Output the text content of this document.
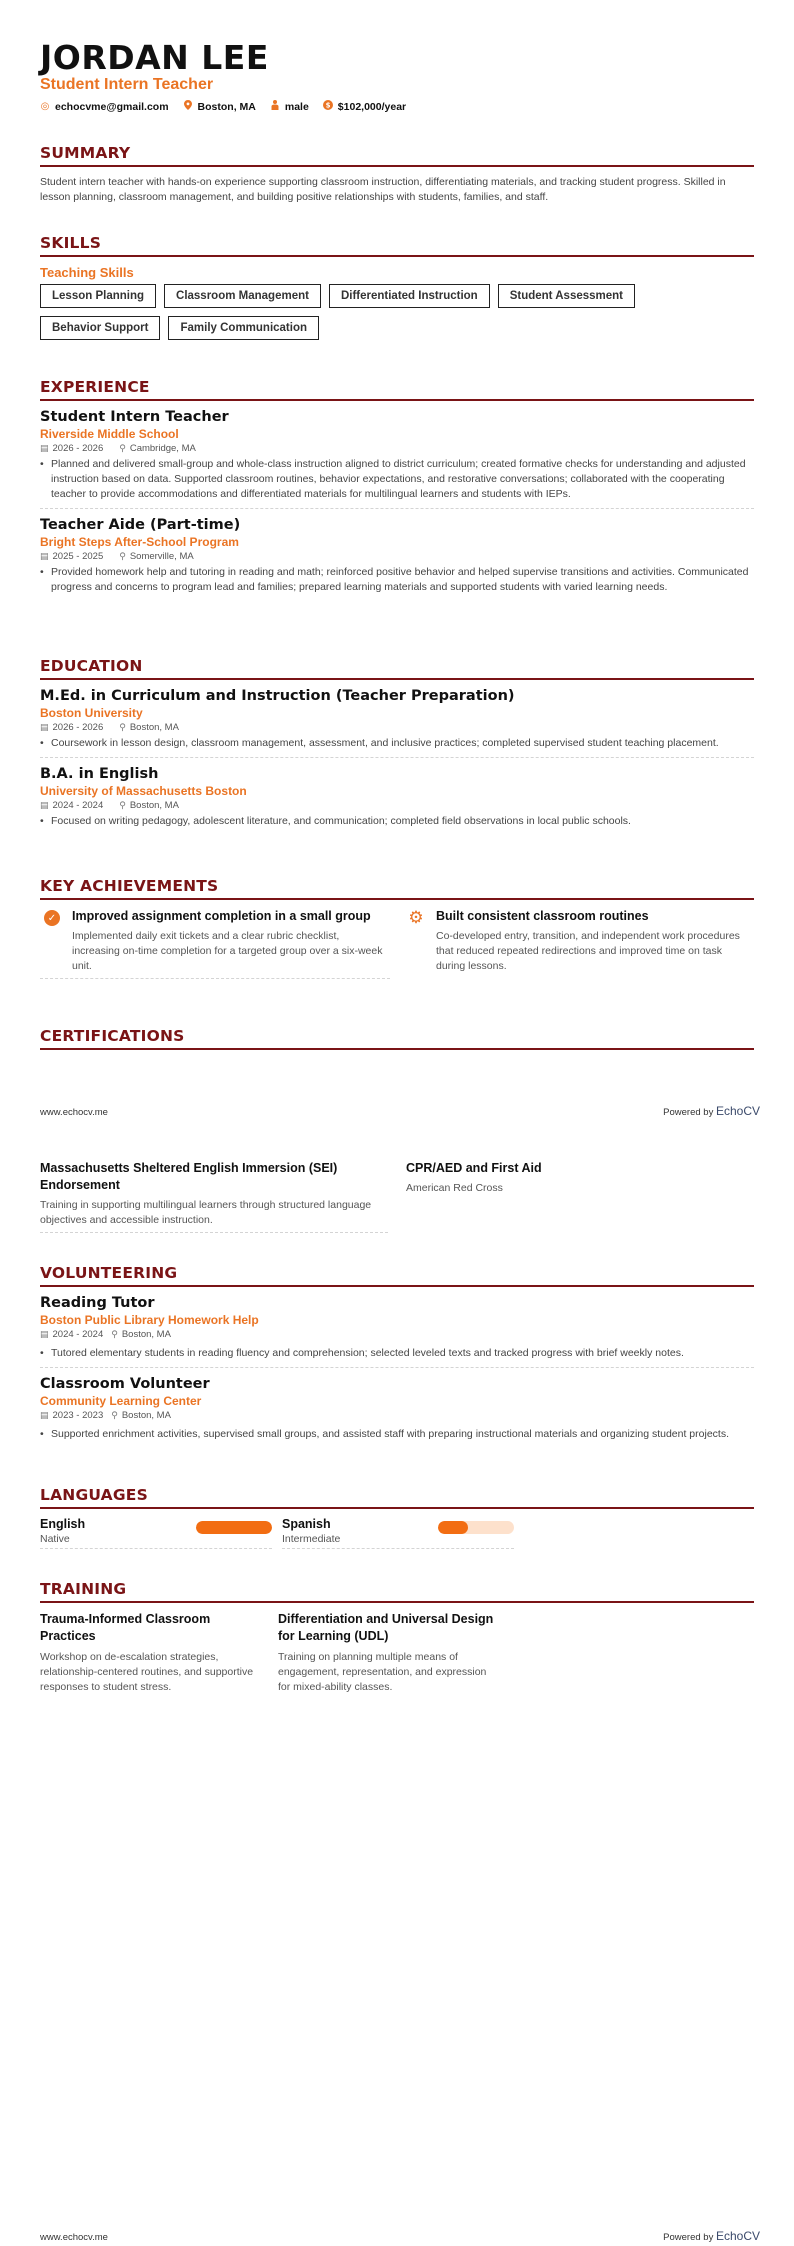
JORDAN LEE
Student Intern Teacher
◎ echocvme@gmail.com	Boston, MA	male $ $102,000/year
SUMMARY

Student intern teacher with hands-on experience supporting classroom instruction, differentiating materials, and tracking student progress. Skilled in lesson planning, classroom management, and building positive relationships with students, families, and staff.

SKILLS
Teaching Skills
Lesson Planning	Classroom Management	Differentiated Instruction	Student Assessment
Behavior Support	Family Communication
EXPERIENCE
Student Intern Teacher
Riverside Middle School
▤ 2026 - 2026 ⚲ Cambridge, MA
• Planned and delivered small-group and whole-class instruction aligned to district curriculum; created formative checks for understanding and adjusted instruction based on data. Supported classroom routines, behavior expectations, and restorative conversations; collaborated with the cooperating teacher to provide accommodations and differentiated materials for multilingual learners and students with IEPs.
Teacher Aide (Part-time)
Bright Steps After-School Program
▤ 2025 - 2025 ⚲ Somerville, MA
• Provided homework help and tutoring in reading and math; reinforced positive behavior and helped supervise transitions and activities. Communicated progress and concerns to program lead and families; prepared learning materials and supported students with varied learning needs.
EDUCATION
M.Ed. in Curriculum and Instruction (Teacher Preparation)
Boston University
▤ 2026 - 2026 ⚲ Boston, MA
• Coursework in lesson design, classroom management, assessment, and inclusive practices; completed supervised student teaching placement.
B.A. in English
University of Massachusetts Boston
▤ 2024 - 2024 ⚲ Boston, MA
• Focused on writing pedagogy, adolescent literature, and communication; completed field observations in local public schools.
KEY ACHIEVEMENTS
✓	Improved assignment completion in a small group
Implemented daily exit tickets and a clear rubric checklist, increasing on-time completion for a targeted group over a six-week unit.
⚙ Built consistent classroom routines
Co-developed entry, transition, and independent work procedures that reduced repeated redirections and improved time on task during lessons.
CERTIFICATIONS
www.echocv.me	Powered by EchoCV
Massachusetts Sheltered English Immersion (SEI) Endorsement
Training in supporting multilingual learners through structured language objectives and accessible instruction.
CPR/AED and First Aid
American Red Cross
VOLUNTEERING
Reading Tutor
Boston Public Library Homework Help
▤ 2024 - 2024 ⚲ Boston, MA
• Tutored elementary students in reading fluency and comprehension; selected leveled texts and tracked progress with brief weekly notes.
Classroom Volunteer
Community Learning Center
▤ 2023 - 2023 ⚲ Boston, MA
• Supported enrichment activities, supervised small groups, and assisted staff with preparing instructional materials and organizing student projects.
LANGUAGES
English
Native
Spanish
Intermediate
TRAINING
Trauma-Informed Classroom Practices
Workshop on de-escalation strategies, relationship-centered routines, and supportive responses to student stress.
Differentiation and Universal Design for Learning (UDL)
Training on planning multiple means of engagement, representation, and expression for mixed-ability classes.
www.echocv.me	Powered by EchoCV
